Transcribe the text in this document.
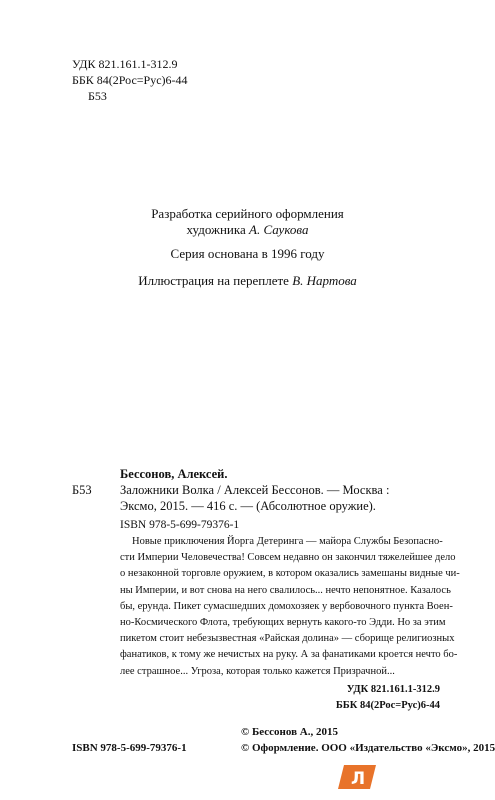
УДК 821.161.1-312.9
ББК 84(2Рос=Рус)6-44
Б53
Разработка серийного оформления
художника А. Саукова
Серия основана в 1996 году
Иллюстрация на переплете В. Нартова
Бессонов, Алексей.
Б53 Заложники Волка / Алексей Бессонов. — Москва :
Эксмо, 2015. — 416 с. — (Абсолютное оружие).
ISBN 978-5-699-79376-1
Новые приключения Йорга Детеринга — майора Службы Безопасно-
сти Империи Человечества! Совсем недавно он закончил тяжелейшее дело
о незаконной торговле оружием, в котором оказались замешаны видные чи-
ны Империи, и вот снова на него свалилось... нечто непонятное. Казалось
бы, ерунда. Пикет сумасшедших домохозяек у вербовочного пункта Воен-
но-Космического Флота, требующих вернуть какого-то Эдди. Но за этим
пикетом стоит небезызвестная «Райская долина» — сборище религиозных
фанатиков, к тому же нечистых на руку. А за фанатиками кроется нечто бо-
лее страшное... Угроза, которая только кажется Призрачной...
УДК 821.161.1-312.9
ББК 84(2Рос=Рус)6-44
© Бессонов А., 2015
ISBN 978-5-699-79376-1	© Оформление. ООО «Издательство «Эксмо», 2015
Л
